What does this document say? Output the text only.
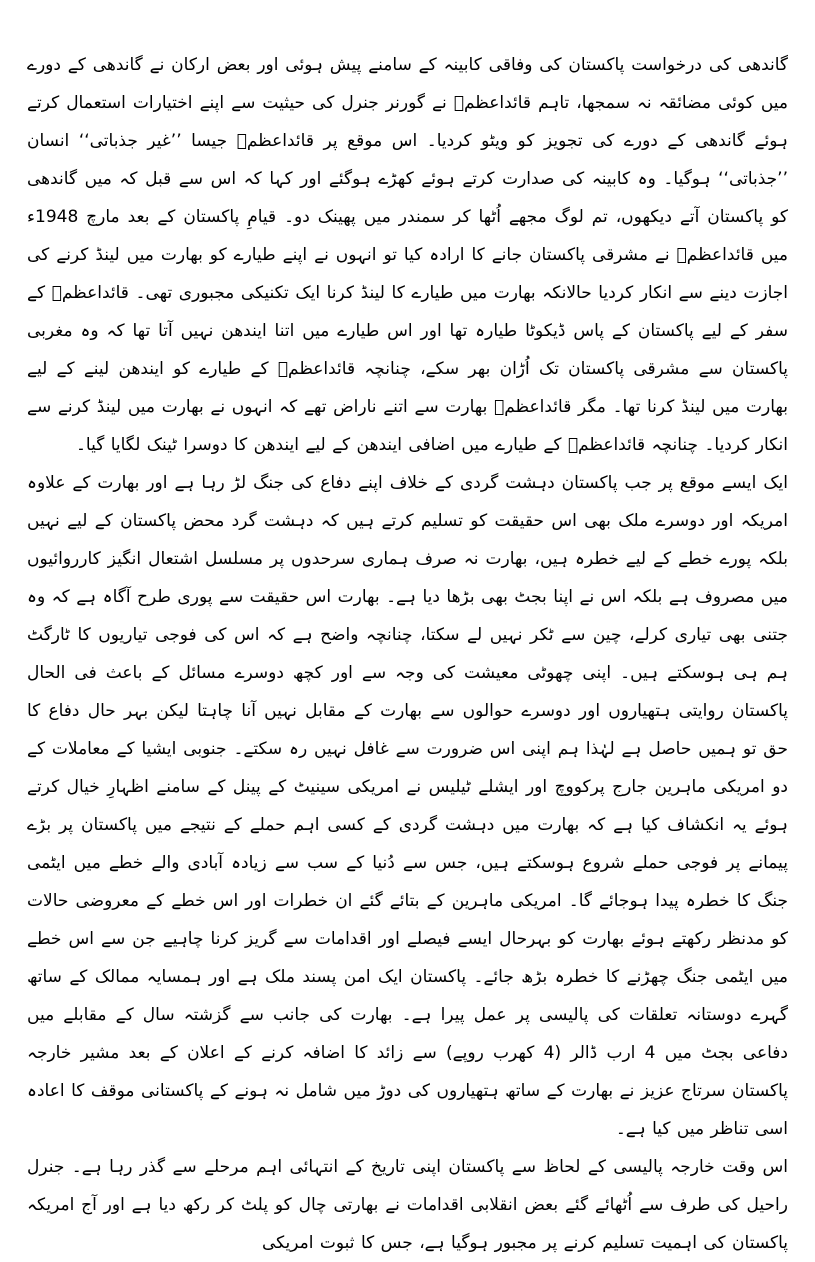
گاندھی کی درخواست پاکستان کی وفاقی کابینہ کے سامنے پیش ہوئی اور بعض ارکان نے گاندھی کے دورے میں کوئی مضائقہ نہ سمجھا، تاہم قائداعظمؒ نے گورنر جنرل کی حیثیت سے اپنے اختیارات استعمال کرتے ہوئے گاندھی کے دورے کی تجویز کو ویٹو کردیا۔ اس موقع پر قائداعظمؒ جیسا ’’غیر جذباتی‘‘ انسان ’’جذباتی‘‘ ہوگیا۔ وہ کابینہ کی صدارت کرتے ہوئے کھڑے ہوگئے اور کہا کہ اس سے قبل کہ میں گاندھی کو پاکستان آتے دیکھوں، تم لوگ مجھے اُٹھا کر سمندر میں پھینک دو۔ قیامِ پاکستان کے بعد مارچ 1948ء میں قائداعظمؒ نے مشرقی پاکستان جانے کا ارادہ کیا تو انہوں نے اپنے طیارے کو بھارت میں لینڈ کرنے کی اجازت دینے سے انکار کردیا حالانکہ بھارت میں طیارے کا لینڈ کرنا ایک تکنیکی مجبوری تھی۔ قائداعظمؒ کے سفر کے لیے پاکستان کے پاس ڈیکوٹا طیارہ تھا اور اس طیارے میں اتنا ایندھن نہیں آتا تھا کہ وہ مغربی پاکستان سے مشرقی پاکستان تک اُڑان بھر سکے، چنانچہ قائداعظمؒ کے طیارے کو ایندھن لینے کے لیے بھارت میں لینڈ کرنا تھا۔ مگر قائداعظمؒ بھارت سے اتنے ناراض تھے کہ انہوں نے بھارت میں لینڈ کرنے سے انکار کردیا۔ چنانچہ قائداعظمؒ کے طیارے میں اضافی ایندھن کے لیے ایندھن کا دوسرا ٹینک لگایا گیا۔

ایک ایسے موقع پر جب پاکستان دہشت گردی کے خلاف اپنے دفاع کی جنگ لڑ رہا ہے اور بھارت کے علاوہ امریکہ اور دوسرے ملک بھی اس حقیقت کو تسلیم کرتے ہیں کہ دہشت گرد محض پاکستان کے لیے نہیں بلکہ پورے خطے کے لیے خطرہ ہیں، بھارت نہ صرف ہماری سرحدوں پر مسلسل اشتعال انگیز کارروائیوں میں مصروف ہے بلکہ اس نے اپنا بجٹ بھی بڑھا دیا ہے۔ بھارت اس حقیقت سے پوری طرح آگاہ ہے کہ وہ جتنی بھی تیاری کرلے، چین سے ٹکر نہیں لے سکتا، چنانچہ واضح ہے کہ اس کی فوجی تیاریوں کا ٹارگٹ ہم ہی ہوسکتے ہیں۔ اپنی چھوٹی معیشت کی وجہ سے اور کچھ دوسرے مسائل کے باعث فی الحال پاکستان روایتی ہتھیاروں اور دوسرے حوالوں سے بھارت کے مقابل نہیں آنا چاہتا لیکن بہر حال دفاع کا حق تو ہمیں حاصل ہے لہٰذا ہم اپنی اس ضرورت سے غافل نہیں رہ سکتے۔ جنوبی ایشیا کے معاملات کے دو امریکی ماہرین جارج پرکووچ اور ایشلے ٹیلیس نے امریکی سینیٹ کے پینل کے سامنے اظہارِ خیال کرتے ہوئے یہ انکشاف کیا ہے کہ بھارت میں دہشت گردی کے کسی اہم حملے کے نتیجے میں پاکستان پر بڑے پیمانے پر فوجی حملے شروع ہوسکتے ہیں، جس سے دُنیا کے سب سے زیادہ آبادی والے خطے میں ایٹمی جنگ کا خطرہ پیدا ہوجائے گا۔ امریکی ماہرین کے بتائے گئے ان خطرات اور اس خطے کے معروضی حالات کو مدنظر رکھتے ہوئے بھارت کو بہرحال ایسے فیصلے اور اقدامات سے گریز کرنا چاہیے جن سے اس خطے میں ایٹمی جنگ چھڑنے کا خطرہ بڑھ جائے۔ پاکستان ایک امن پسند ملک ہے اور ہمسایہ ممالک کے ساتھ گہرے دوستانہ تعلقات کی پالیسی پر عمل پیرا ہے۔ بھارت کی جانب سے گزشتہ سال کے مقابلے میں دفاعی بجٹ میں 4 ارب ڈالر (4 کھرب روپے) سے زائد کا اضافہ کرنے کے اعلان کے بعد مشیر خارجہ پاکستان سرتاج عزیز نے بھارت کے ساتھ ہتھیاروں کی دوڑ میں شامل نہ ہونے کے پاکستانی موقف کا اعادہ اسی تناظر میں کیا ہے۔

اس وقت خارجہ پالیسی کے لحاظ سے پاکستان اپنی تاریخ کے انتہائی اہم مرحلے سے گذر رہا ہے۔ جنرل راحیل کی طرف سے اُٹھائے گئے بعض انقلابی اقدامات نے بھارتی چال کو پلٹ کر رکھ دیا ہے اور آج امریکہ پاکستان کی اہمیت تسلیم کرنے پر مجبور ہوگیا ہے، جس کا ثبوت امریکی
